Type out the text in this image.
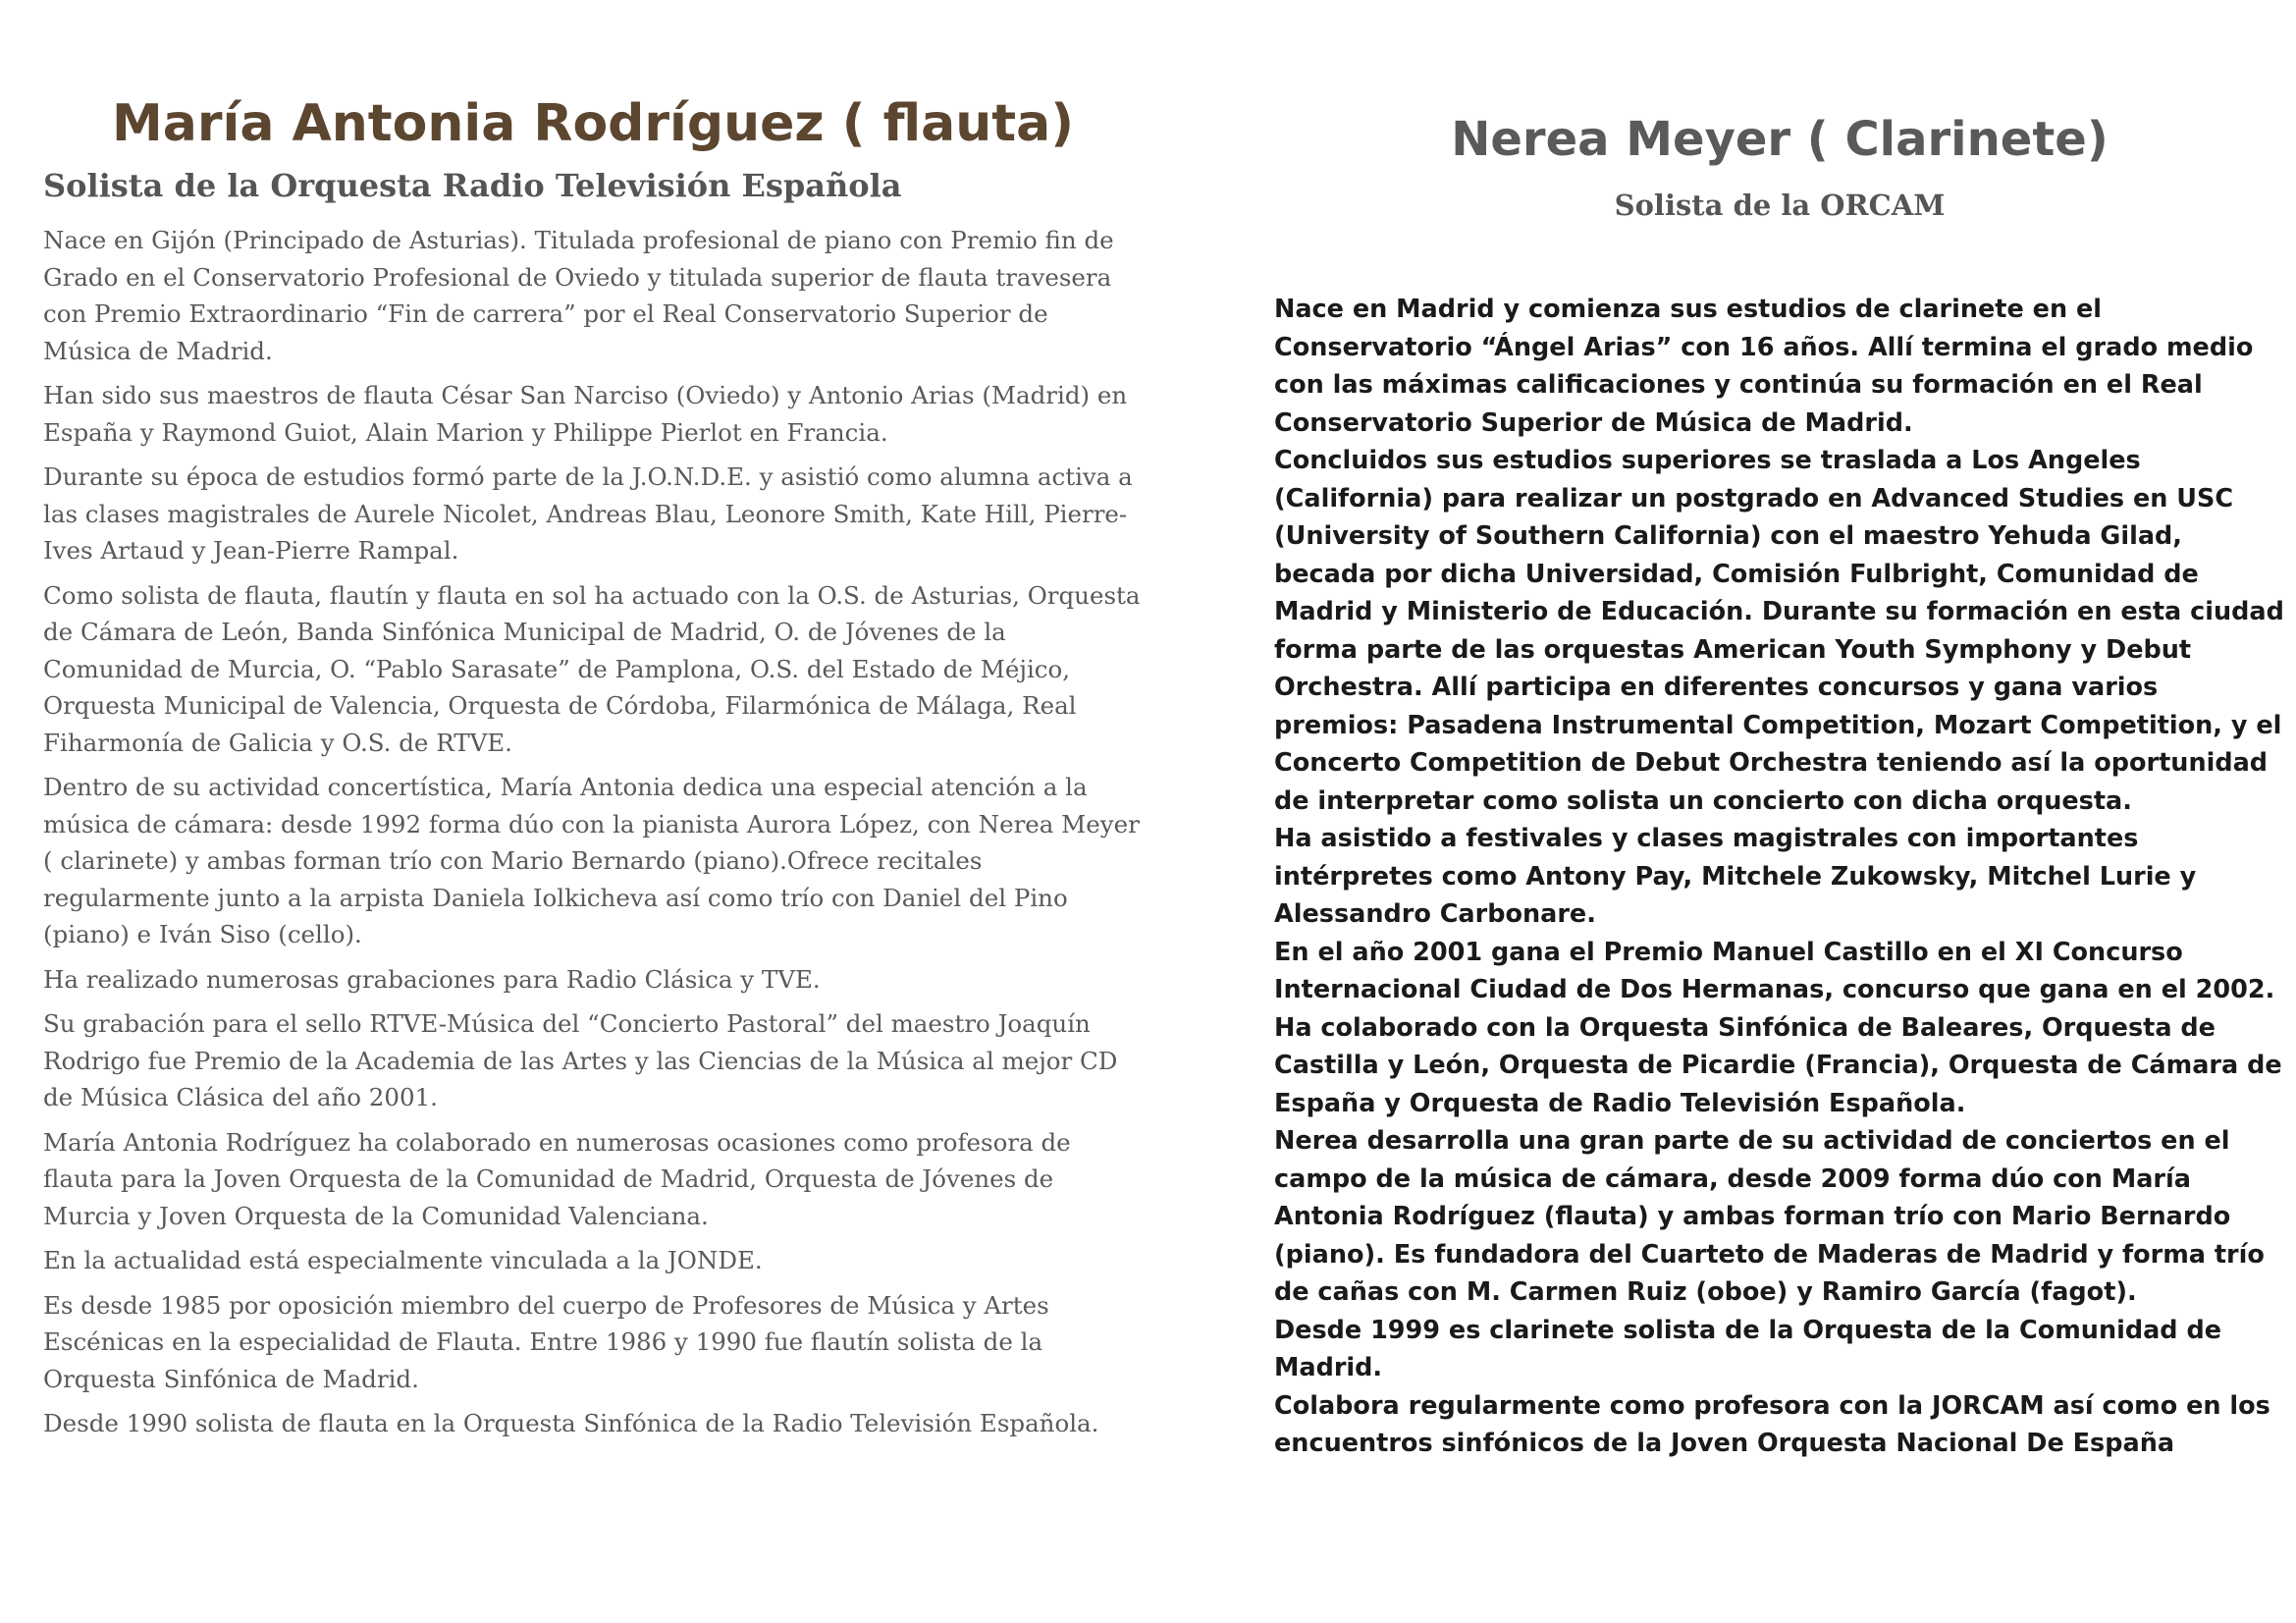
María Antonia Rodríguez ( flauta)
Solista de la Orquesta Radio Televisión Española

Nace en Gijón (Principado de Asturias). Titulada profesional de piano con Premio fin de Grado en el Conservatorio Profesional de Oviedo y titulada superior de flauta travesera con Premio Extraordinario “Fin de carrera” por el Real Conservatorio Superior de Música de Madrid.

Han sido sus maestros de flauta César San Narciso (Oviedo) y Antonio Arias (Madrid) en España y Raymond Guiot, Alain Marion y Philippe Pierlot en Francia.

Durante su época de estudios formó parte de la J.O.N.D.E. y asistió como alumna activa a las clases magistrales de Aurele Nicolet, Andreas Blau, Leonore Smith, Kate Hill, Pierre-Ives Artaud y Jean-Pierre Rampal.

Como solista de flauta, flautín y flauta en sol ha actuado con la O.S. de Asturias, Orquesta de Cámara de León, Banda Sinfónica Municipal de Madrid, O. de Jóvenes de la Comunidad de Murcia, O. “Pablo Sarasate” de Pamplona, O.S. del Estado de Méjico, Orquesta Municipal de Valencia, Orquesta de Córdoba, Filarmónica de Málaga, Real Fiharmonía de Galicia y O.S. de RTVE.

Dentro de su actividad concertística, María Antonia dedica una especial atención a la música de cámara: desde 1992 forma dúo con la pianista Aurora López, con Nerea Meyer ( clarinete) y ambas forman trío con Mario Bernardo (piano).Ofrece recitales regularmente junto a la arpista Daniela Iolkicheva así como trío con Daniel del Pino (piano) e Iván Siso (cello).

Ha realizado numerosas grabaciones para Radio Clásica y TVE.

Su grabación para el sello RTVE-Música del “Concierto Pastoral” del maestro Joaquín Rodrigo fue Premio de la Academia de las Artes y las Ciencias de la Música al mejor CD de Música Clásica del año 2001.

María Antonia Rodríguez ha colaborado en numerosas ocasiones como profesora de flauta para la Joven Orquesta de la Comunidad de Madrid, Orquesta de Jóvenes de Murcia y Joven Orquesta de la Comunidad Valenciana.

En la actualidad está especialmente vinculada a la JONDE.

Es desde 1985 por oposición miembro del cuerpo de Profesores de Música y Artes Escénicas en la especialidad de Flauta. Entre 1986 y 1990 fue flautín solista de la Orquesta Sinfónica de Madrid.

Desde 1990 solista de flauta en la Orquesta Sinfónica de la Radio Televisión Española.

Nerea Meyer ( Clarinete)
Solista de la ORCAM

Nace en Madrid y comienza sus estudios de clarinete en el Conservatorio “Ángel Arias” con 16 años. Allí termina el grado medio con las máximas calificaciones y continúa su formación en el Real Conservatorio Superior de Música de Madrid.

Concluidos sus estudios superiores se traslada a Los Angeles (California) para realizar un postgrado en Advanced Studies en USC (University of Southern California) con el maestro Yehuda Gilad, becada por dicha Universidad, Comisión Fulbright, Comunidad de Madrid y Ministerio de Educación. Durante su formación en esta ciudad forma parte de las orquestas American Youth Symphony y Debut Orchestra. Allí participa en diferentes concursos y gana varios premios: Pasadena Instrumental Competition, Mozart Competition, y el Concerto Competition de Debut Orchestra teniendo así la oportunidad de interpretar como solista un concierto con dicha orquesta.

Ha asistido a festivales y clases magistrales con importantes intérpretes como Antony Pay, Mitchele Zukowsky, Mitchel Lurie y Alessandro Carbonare.

En el año 2001 gana el Premio Manuel Castillo en el XI Concurso Internacional Ciudad de Dos Hermanas, concurso que gana en el 2002.

Ha colaborado con la Orquesta Sinfónica de Baleares, Orquesta de Castilla y León, Orquesta de Picardie (Francia), Orquesta de Cámara de España y Orquesta de Radio Televisión Española.

Nerea desarrolla una gran parte de su actividad de conciertos en el campo de la música de cámara, desde 2009 forma dúo con María Antonia Rodríguez (flauta) y ambas forman trío con Mario Bernardo (piano). Es fundadora del Cuarteto de Maderas de Madrid y forma trío de cañas con M. Carmen Ruiz (oboe) y Ramiro García (fagot).

Desde 1999 es clarinete solista de la Orquesta de la Comunidad de Madrid.

Colabora regularmente como profesora con la JORCAM así como en los encuentros sinfónicos de la Joven Orquesta Nacional De España
